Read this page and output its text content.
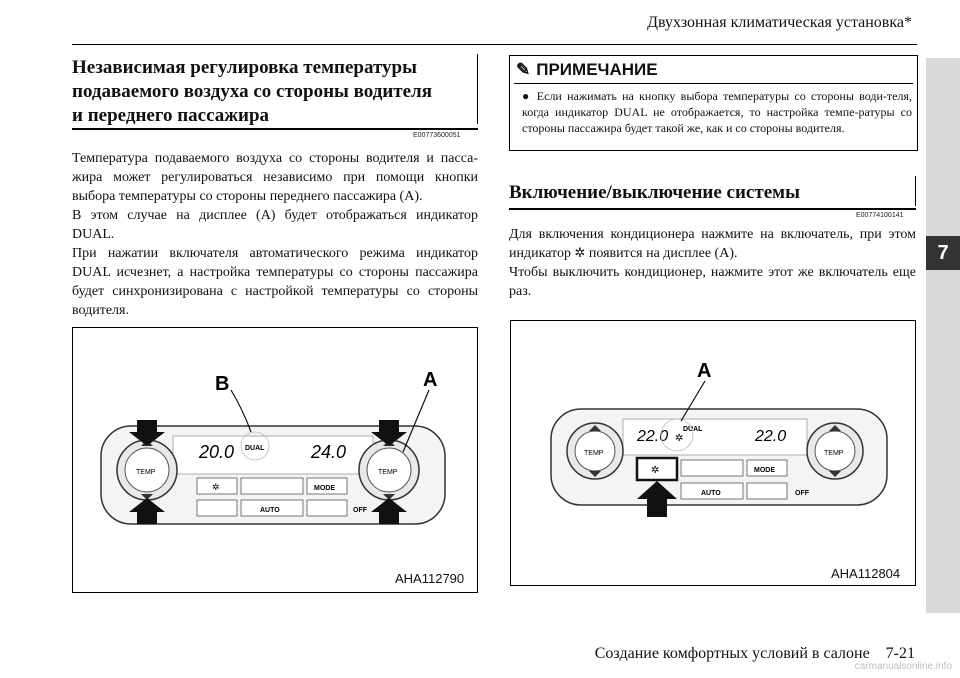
Двухзонная климатическая установка*
7
Независимая регулировка температуры
подаваемого воздуха со стороны водителя
и переднего пассажира
E00773600051
Температура подаваемого воздуха со стороны водителя и пасса-жира может регулироваться независимо при помощи кнопки выбора температуры со стороны переднего пассажира (A).
В этом случае на дисплее (A) будет отображаться индикатор DUAL.
При нажатии включателя автоматического режима индикатор DUAL исчезнет, а настройка температуры со стороны пассажира будет синхронизирована с настройкой температуры со стороны водителя.
20.0	24.0
DUAL
TEMP	TEMP
✲	MODE
AUTO	OFF
B	A
AHA112790
✎ ПРИМЕЧАНИЕ
● Если нажимать на кнопку выбора температуры со стороны води-теля, когда индикатор DUAL не отображается, то настройка темпе-ратуры со стороны пассажира будет такой же, как и со стороны водителя.
Включение/выключение системы
E00774100141
Для включения кондиционера нажмите на включатель, при этом индикатор ✲ появится на дисплее (A).
Чтобы выключить кондиционер, нажмите этот же включатель еще раз.
22.0	22.0
DUAL
✲
TEMP	TEMP
✲	MODE
AUTO	OFF
A
AHA112804
Создание комфортных условий в салоне    7-21
carmanualsonline.info
